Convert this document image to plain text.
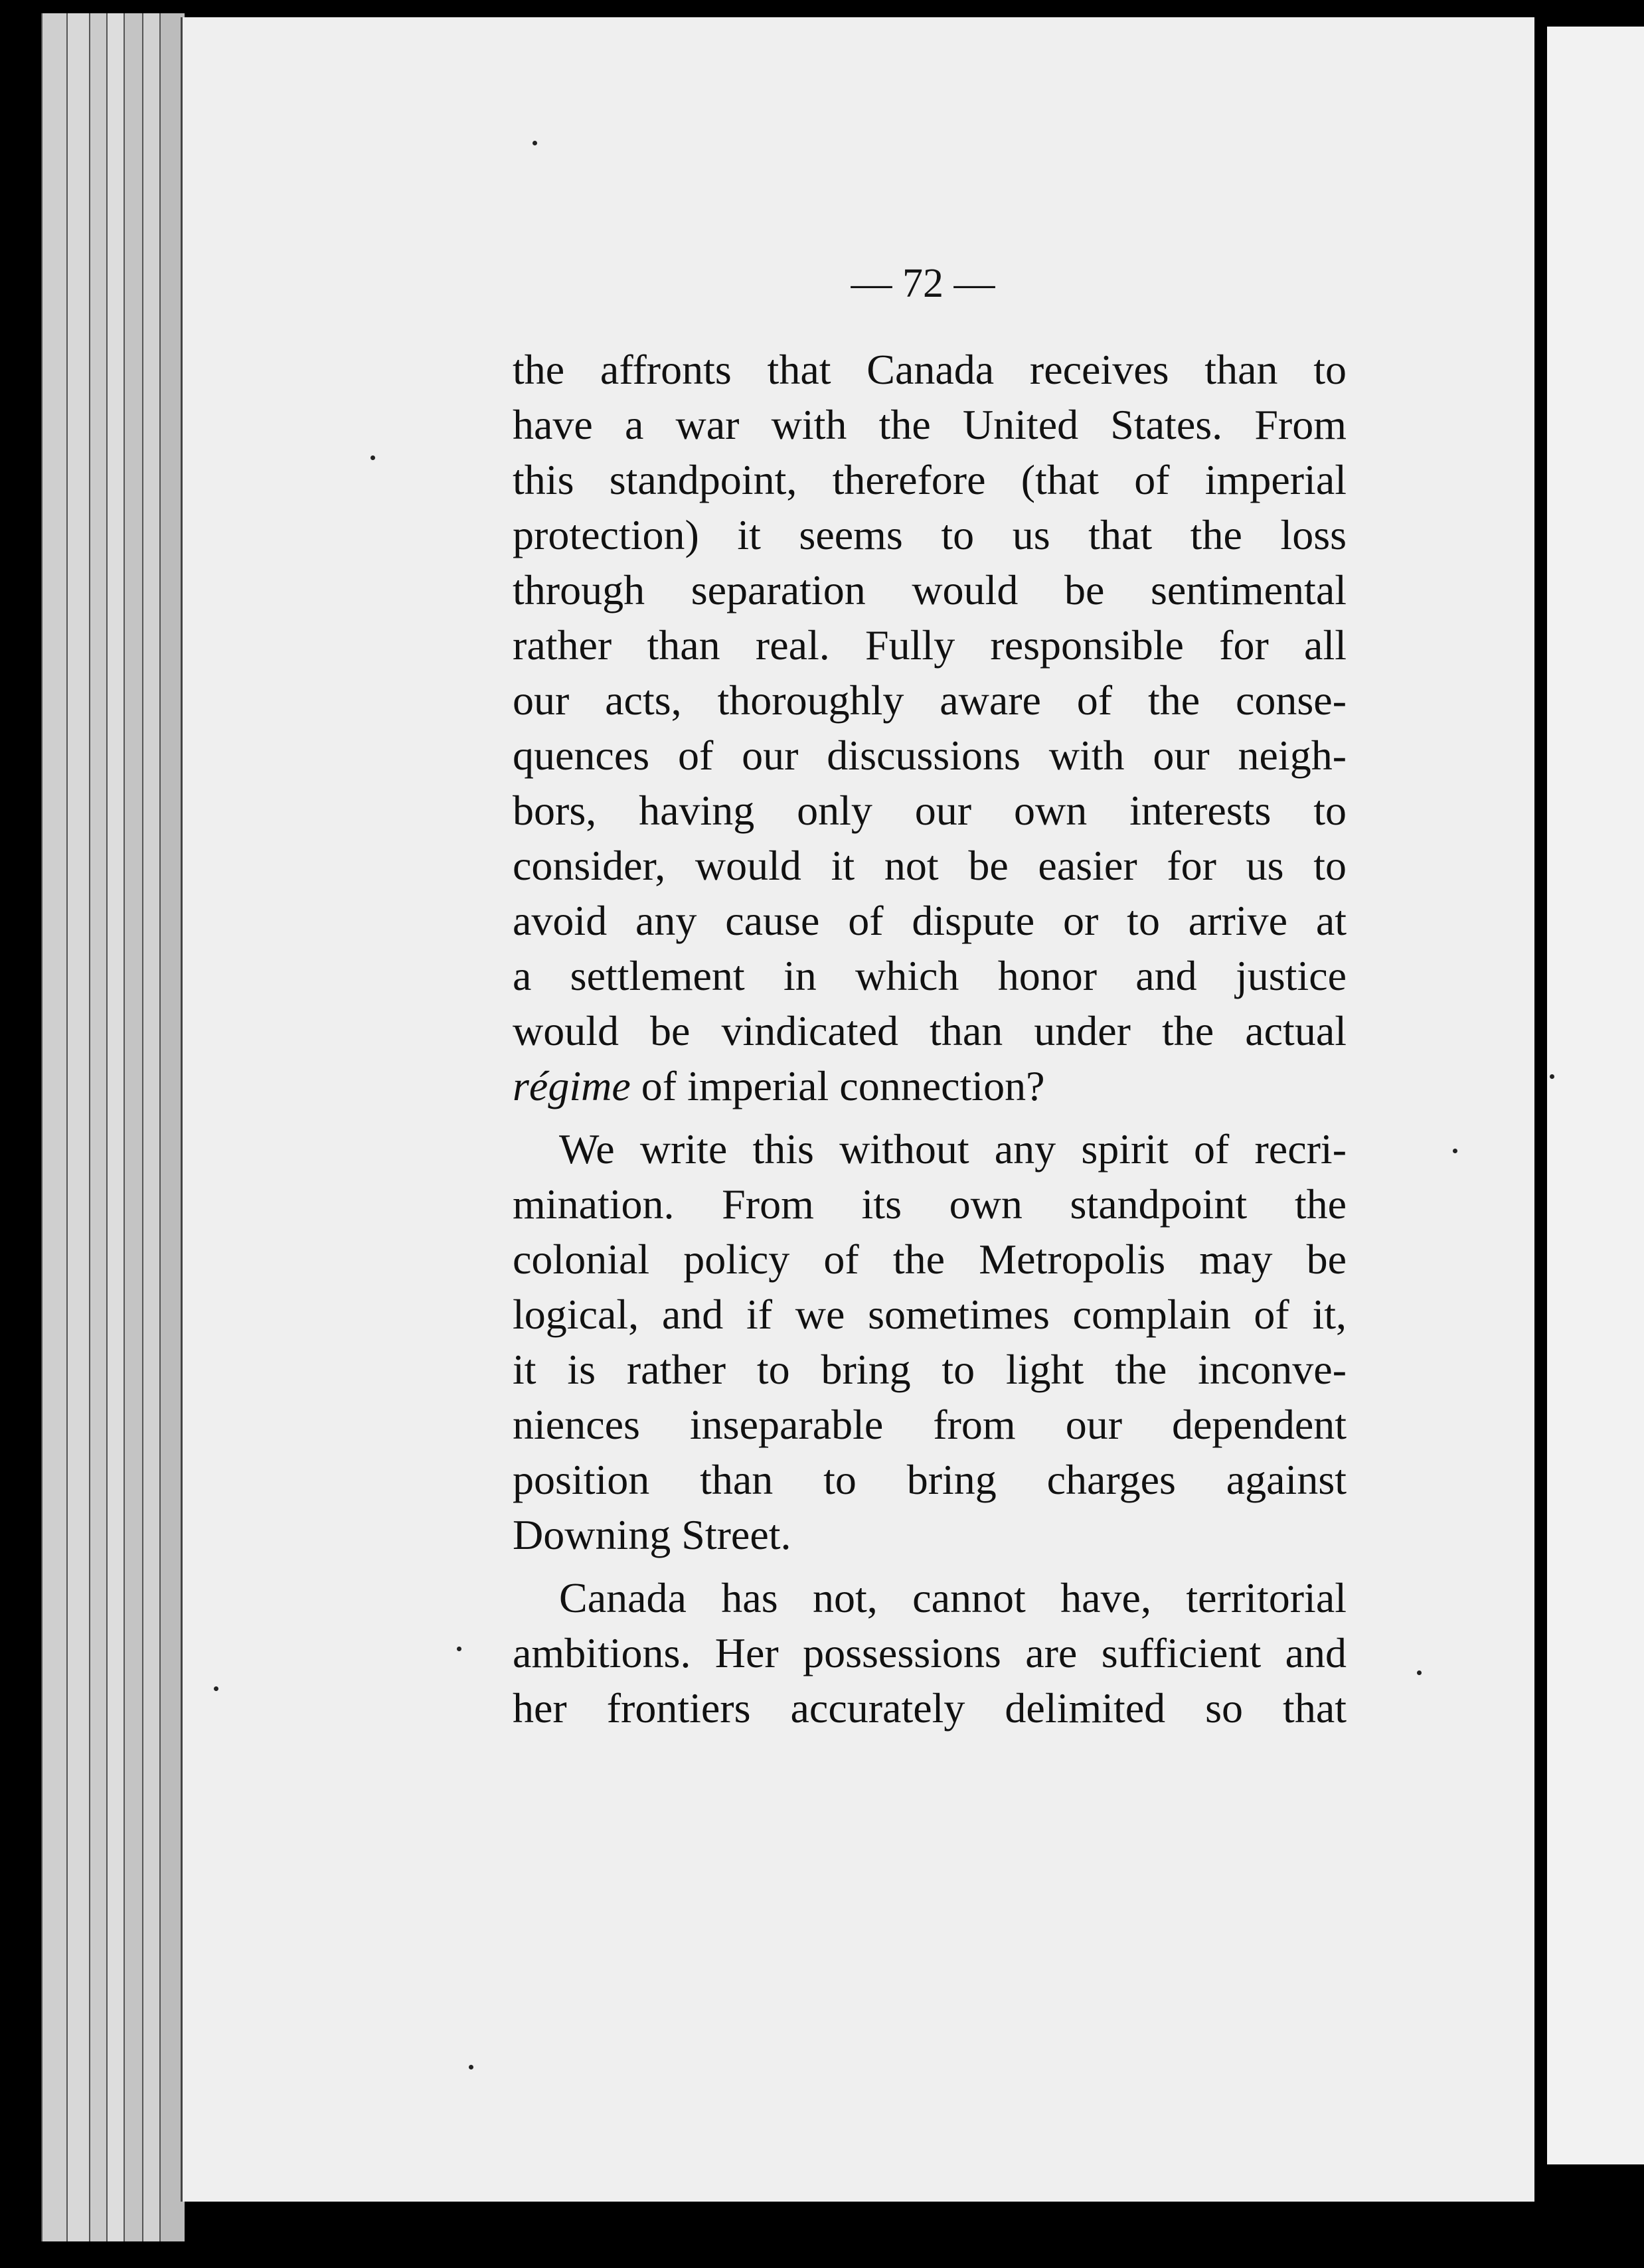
— 72 —
the affronts that Canada receives than to
have a war with the United States. From
this standpoint, therefore (that of imperial
protection) it seems to us that the loss
through separation would be sentimental
rather than real. Fully responsible for all
our acts, thoroughly aware of the conse-
quences of our discussions with our neigh-
bors, having only our own interests to
consider, would it not be easier for us to
avoid any cause of dispute or to arrive at
a settlement in which honor and justice
would be vindicated than under the actual
régime of imperial connection?
We write this without any spirit of recri-
mination. From its own standpoint the
colonial policy of the Metropolis may be
logical, and if we sometimes complain of it,
it is rather to bring to light the inconve-
niences inseparable from our dependent
position than to bring charges against
Downing Street.
Canada has not, cannot have, territorial
ambitions. Her possessions are sufficient and
her frontiers accurately delimited so that
